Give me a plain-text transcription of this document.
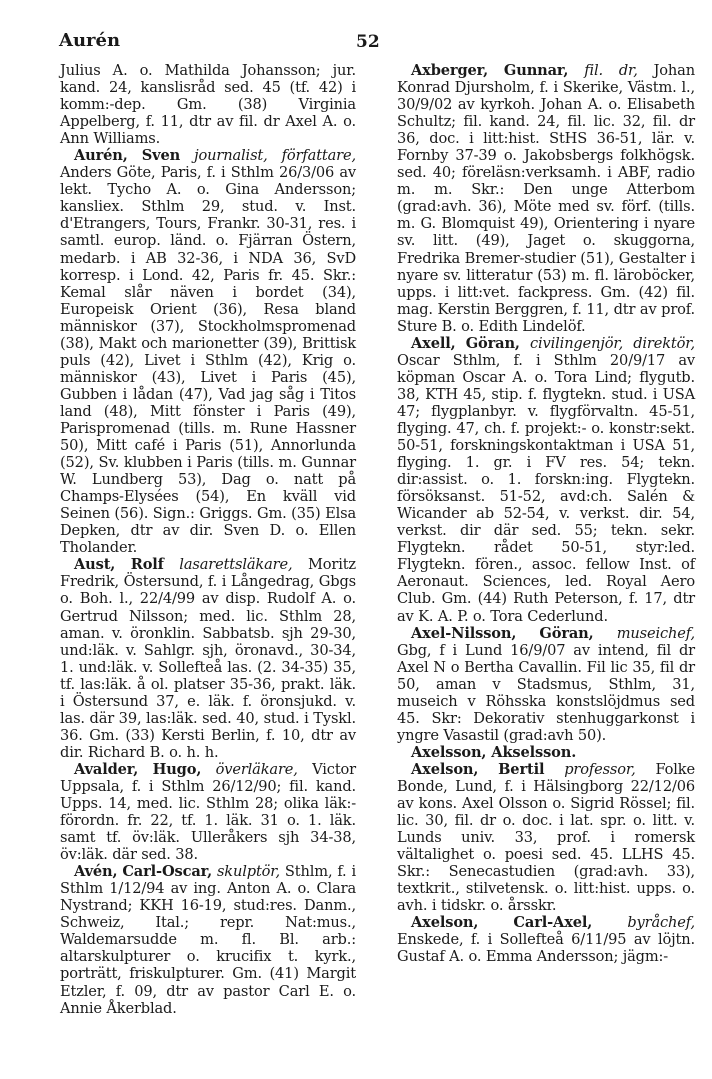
Aurén	52

Julius A. o. Mathilda Johansson; jur. kand. 24, kanslisråd sed. 45 (tf. 42) i komm:-dep. Gm. (38) Virginia Appelberg, f. 11, dtr av fil. dr Axel A. o. Ann Williams.

Aurén, Sven journalist, författare, Anders Göte, Paris, f. i Sthlm 26/3/06 av lekt. Tycho A. o. Gina Andersson; kansliex. Sthlm 29, stud. v. Inst. d'Etrangers, Tours, Frankr. 30-31, res. i samtl. europ. länd. o. Fjärran Östern, medarb. i AB 32-36, i NDA 36, SvD korresp. i Lond. 42, Paris fr. 45. Skr.: Kemal slår näven i bordet (34), Europeisk Orient (36), Resa bland människor (37), Stockholmspromenad (38), Makt och marionetter (39), Brittisk puls (42), Livet i Sthlm (42), Krig o. människor (43), Livet i Paris (45), Gubben i lådan (47), Vad jag såg i Titos land (48), Mitt fönster i Paris (49), Parispromenad (tills. m. Rune Hassner 50), Mitt café i Paris (51), Annorlunda (52), Sv. klubben i Paris (tills. m. Gunnar W. Lundberg 53), Dag o. natt på Champs-Elysées (54), En kväll vid Seinen (56). Sign.: Griggs. Gm. (35) Elsa Depken, dtr av dir. Sven D. o. Ellen Tholander.

Aust, Rolf lasarettsläkare, Moritz Fredrik, Östersund, f. i Långedrag, Gbgs o. Boh. l., 22/4/99 av disp. Rudolf A. o. Gertrud Nilsson; med. lic. Sthlm 28, aman. v. öronklin. Sabbatsb. sjh 29-30, und:läk. v. Sahlgr. sjh, öronavd., 30-34, 1. und:läk. v. Sollefteå las. (2. 34-35) 35, tf. las:läk. å ol. platser 35-36, prakt. läk. i Östersund 37, e. läk. f. öronsjukd. v. las. där 39, las:läk. sed. 40, stud. i Tyskl. 36. Gm. (33) Kersti Berlin, f. 10, dtr av dir. Richard B. o. h. h.

Avalder, Hugo, överläkare, Victor Uppsala, f. i Sthlm 26/12/90; fil. kand. Upps. 14, med. lic. Sthlm 28; olika läk:-förordn. fr. 22, tf. 1. läk. 31 o. 1. läk. samt tf. öv:läk. Ulleråkers sjh 34-38, öv:läk. där sed. 38.

Avén, Carl-Oscar, skulptör, Sthlm, f. i Sthlm 1/12/94 av ing. Anton A. o. Clara Nystrand; KKH 16-19, stud:res. Danm., Schweiz, Ital.; repr. Nat:mus., Waldemarsudde m. fl. Bl. arb.: altarskulpturer o. krucifix t. kyrk., porträtt, friskulpturer. Gm. (41) Margit Etzler, f. 09, dtr av pastor Carl E. o. Annie Åkerblad.

Axberger, Gunnar, fil. dr, Johan Konrad Djursholm, f. i Skerike, Västm. l., 30/9/02 av kyrkoh. Johan A. o. Elisabeth Schultz; fil. kand. 24, fil. lic. 32, fil. dr 36, doc. i litt:hist. StHS 36-51, lär. v. Fornby 37-39 o. Jakobsbergs folkhögsk. sed. 40; föreläsn:verksamh. i ABF, radio m. m. Skr.: Den unge Atterbom (grad:avh. 36), Möte med sv. förf. (tills. m. G. Blomquist 49), Orientering i nyare sv. litt. (49), Jaget o. skuggorna, Fredrika Bremer-studier (51), Gestalter i nyare sv. litteratur (53) m. fl. läroböcker, upps. i litt:vet. fackpress. Gm. (42) fil. mag. Kerstin Berggren, f. 11, dtr av prof. Sture B. o. Edith Lindelöf.

Axell, Göran, civilingenjör, direktör, Oscar Sthlm, f. i Sthlm 20/9/17 av köpman Oscar A. o. Tora Lind; flygutb. 38, KTH 45, stip. f. flygtekn. stud. i USA 47; flygplanbyr. v. flygförvaltn. 45-51, flyging. 47, ch. f. projekt:- o. konstr:sekt. 50-51, forskningskontaktman i USA 51, flyging. 1. gr. i FV res. 54; tekn. dir:assist. o. 1. forskn:ing. Flygtekn. försöksanst. 51-52, avd:ch. Salén & Wicander ab 52-54, v. verkst. dir. 54, verkst. dir där sed. 55; tekn. sekr. Flygtekn. rådet 50-51, styr:led. Flygtekn. fören., assoc. fellow Inst. of Aeronaut. Sciences, led. Royal Aero Club. Gm. (44) Ruth Peterson, f. 17, dtr av K. A. P. o. Tora Cederlund.

Axel-Nilsson, Göran, museichef, Gbg, f i Lund 16/9/07 av intend, fil dr Axel N o Bertha Cavallin. Fil lic 35, fil dr 50, aman v Stadsmus, Sthlm, 31, museich v Röhsska konstslöjdmus sed 45. Skr: Dekorativ stenhuggarkonst i yngre Vasastil (grad:avh 50).

Axelsson, Akselsson.

Axelson, Bertil professor, Folke Bonde, Lund, f. i Hälsingborg 22/12/06 av kons. Axel Olsson o. Sigrid Rössel; fil. lic. 30, fil. dr o. doc. i lat. spr. o. litt. v. Lunds univ. 33, prof. i romersk vältalighet o. poesi sed. 45. LLHS 45. Skr.: Senecastudien (grad:avh. 33), textkrit., stilvetensk. o. litt:hist. upps. o. avh. i tidskr. o. årsskr.

Axelson, Carl-Axel, byråchef, Enskede, f. i Sollefteå 6/11/95 av löjtn. Gustaf A. o. Emma Andersson; jägm:-
